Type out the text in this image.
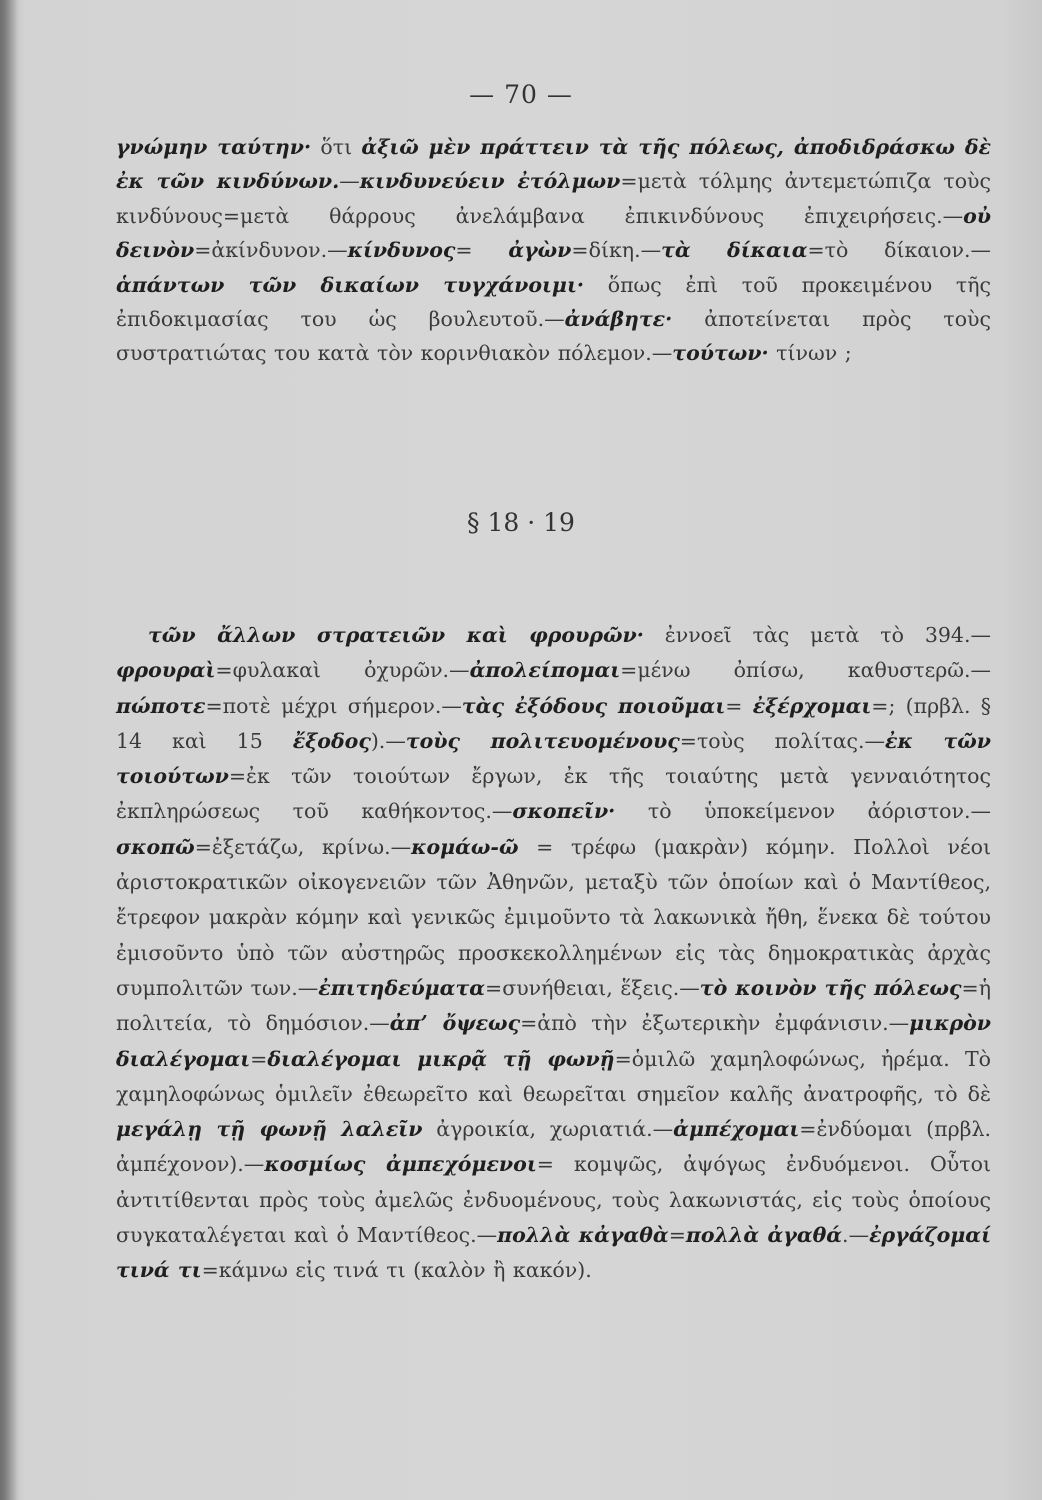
— 70 —

γνώμην ταύτην· ὅτι ἀξιῶ μὲν πράττειν τὰ τῆς πόλεως, ἀποδιδράσκω δὲ ἐκ τῶν κινδύνων.—κινδυνεύειν ἐτόλμων=μετὰ τόλμης ἀντεμετώπιζα τοὺς κινδύνους=μετὰ θάρρους ἀνελάμβανα ἐπικινδύνους ἐπιχειρήσεις.—οὐ δεινὸν=ἀκίνδυνον.—κίνδυνος= ἀγὼν=δίκη.—τὰ δίκαια=τὸ δίκαιον.—ἁπάντων τῶν δικαίων τυγχάνοιμι· ὅπως ἐπὶ τοῦ προκειμένου τῆς ἐπιδοκιμασίας του ὡς βουλευτοῦ.—ἀνάβητε· ἀποτείνεται πρὸς τοὺς συστρατιώτας του κατὰ τὸν κορινθιακὸν πόλεμον.—τούτων· τίνων ;

§ 18 · 19

τῶν ἄλλων στρατειῶν καὶ φρουρῶν· ἐννοεῖ τὰς μετὰ τὸ 394.—φρουραὶ=φυλακαὶ ὀχυρῶν.—ἀπολείπομαι=μένω ὀπίσω, καθυστερῶ.—πώποτε=ποτὲ μέχρι σήμερον.—τὰς ἐξόδους ποιοῦμαι= ἐξέρχομαι=; (πρβλ. § 14 καὶ 15 ἔξοδος).—τοὺς πολιτευομένους=τοὺς πολίτας.—ἐκ τῶν τοιούτων=ἐκ τῶν τοιούτων ἔργων, ἐκ τῆς τοιαύτης μετὰ γενναιότητος ἐκπληρώσεως τοῦ καθήκοντος.—σκοπεῖν· τὸ ὑποκείμενον ἀόριστον.—σκοπῶ=ἐξετάζω, κρίνω.—κομάω-ῶ = τρέφω (μακρὰν) κόμην. Πολλοὶ νέοι ἀριστοκρατικῶν οἰκογενειῶν τῶν Ἀθηνῶν, μεταξὺ τῶν ὁποίων καὶ ὁ Μαντίθεος, ἔτρεφον μακρὰν κόμην καὶ γενικῶς ἐμιμοῦντο τὰ λακωνικὰ ἤθη, ἕνεκα δὲ τούτου ἐμισοῦντο ὑπὸ τῶν αὐστηρῶς προσκεκολλημένων εἰς τὰς δημοκρατικὰς ἀρχὰς συμπολιτῶν των.—ἐπιτηδεύματα=συνήθειαι, ἕξεις.—τὸ κοινὸν τῆς πόλεως=ἡ πολιτεία, τὸ δημόσιον.—ἀπ’ ὄψεως=ἀπὸ τὴν ἐξωτερικὴν ἐμφάνισιν.—μικρὸν διαλέγομαι=διαλέγομαι μικρᾷ τῇ φωνῇ=ὁμιλῶ χαμηλοφώνως, ἠρέμα. Τὸ χαμηλοφώνως ὁμιλεῖν ἐθεωρεῖτο καὶ θεωρεῖται σημεῖον καλῆς ἀνατροφῆς, τὸ δὲ μεγάλῃ τῇ φωνῇ λαλεῖν ἀγροικία, χωριατιά.—ἀμπέχομαι=ἐνδύομαι (πρβλ. ἀμπέχονον).—κοσμίως ἀμπεχόμενοι= κομψῶς, ἀψόγως ἐνδυόμενοι. Οὗτοι ἀντιτίθενται πρὸς τοὺς ἀμελῶς ἐνδυομένους, τοὺς λακωνιστάς, εἰς τοὺς ὁποίους συγκαταλέγεται καὶ ὁ Μαντίθεος.—πολλὰ κἀγαθὰ=πολλὰ ἀγαθά.—ἐργάζομαί τινά τι=κάμνω εἰς τινά τι (καλὸν ἢ κακόν).
